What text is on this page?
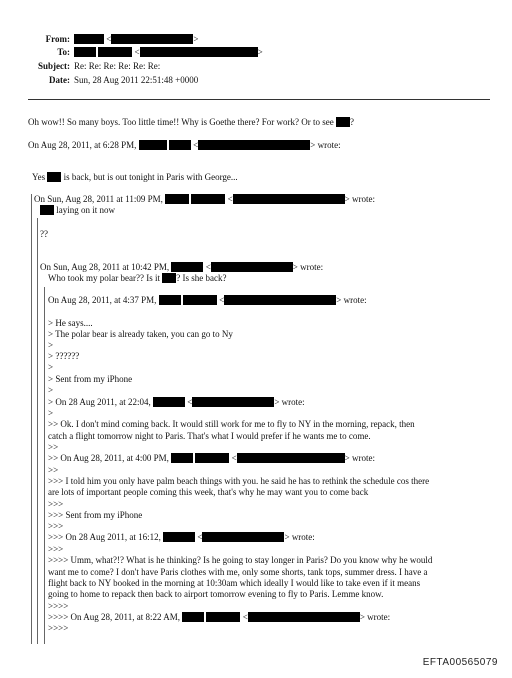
From:	<	>
To:	<	>
Subject: Re: Re: Re: Re: Re: Re:
Date: Sun, 28 Aug 2011 22:51:48 +0000
Oh wow!! So many boys. Too little time!! Why is Goethe there? For work? Or to see ?
On Aug 28, 2011, at 6:28 PM,	<	> wrote:
Yes is back, but is out tonight in Paris with George...
On Sun, Aug 28, 2011 at 11:09 PM,	<	> wrote:
laying on it now
??
On Sun, Aug 28, 2011 at 10:42 PM,	<	> wrote:
Who took my polar bear?? Is it ? Is she back?
On Aug 28, 2011, at 4:37 PM,	<	> wrote:
> He says....
> The polar bear is already taken, you can go to Ny
>
> ??????
>
> Sent from my iPhone
>
> On 28 Aug 2011, at 22:04,	<	> wrote:
>
>> Ok. I don't mind coming back. It would still work for me to fly to NY in the morning, repack, then
catch a flight tomorrow night to Paris. That's what I would prefer if he wants me to come.
>>
>> On Aug 28, 2011, at 4:00 PM,	<	> wrote:
>>
>>> I told him you only have palm beach things with you. he said he has to rethink the schedule cos there
are lots of important people coming this week, that's why he may want you to come back
>>>
>>> Sent from my iPhone
>>>
>>> On 28 Aug 2011, at 16:12,	<	> wrote:
>>>
>>>> Umm, what?!? What is he thinking? Is he going to stay longer in Paris? Do you know why he would
want me to come? I don't have Paris clothes with me, only some shorts, tank tops, summer dress. I have a
flight back to NY booked in the morning at 10:30am which ideally I would like to take even if it means
going to home to repack then back to airport tomorrow evening to fly to Paris. Lemme know.
>>>>
>>>> On Aug 28, 2011, at 8:22 AM,	<	> wrote:
>>>>
EFTA00565079
